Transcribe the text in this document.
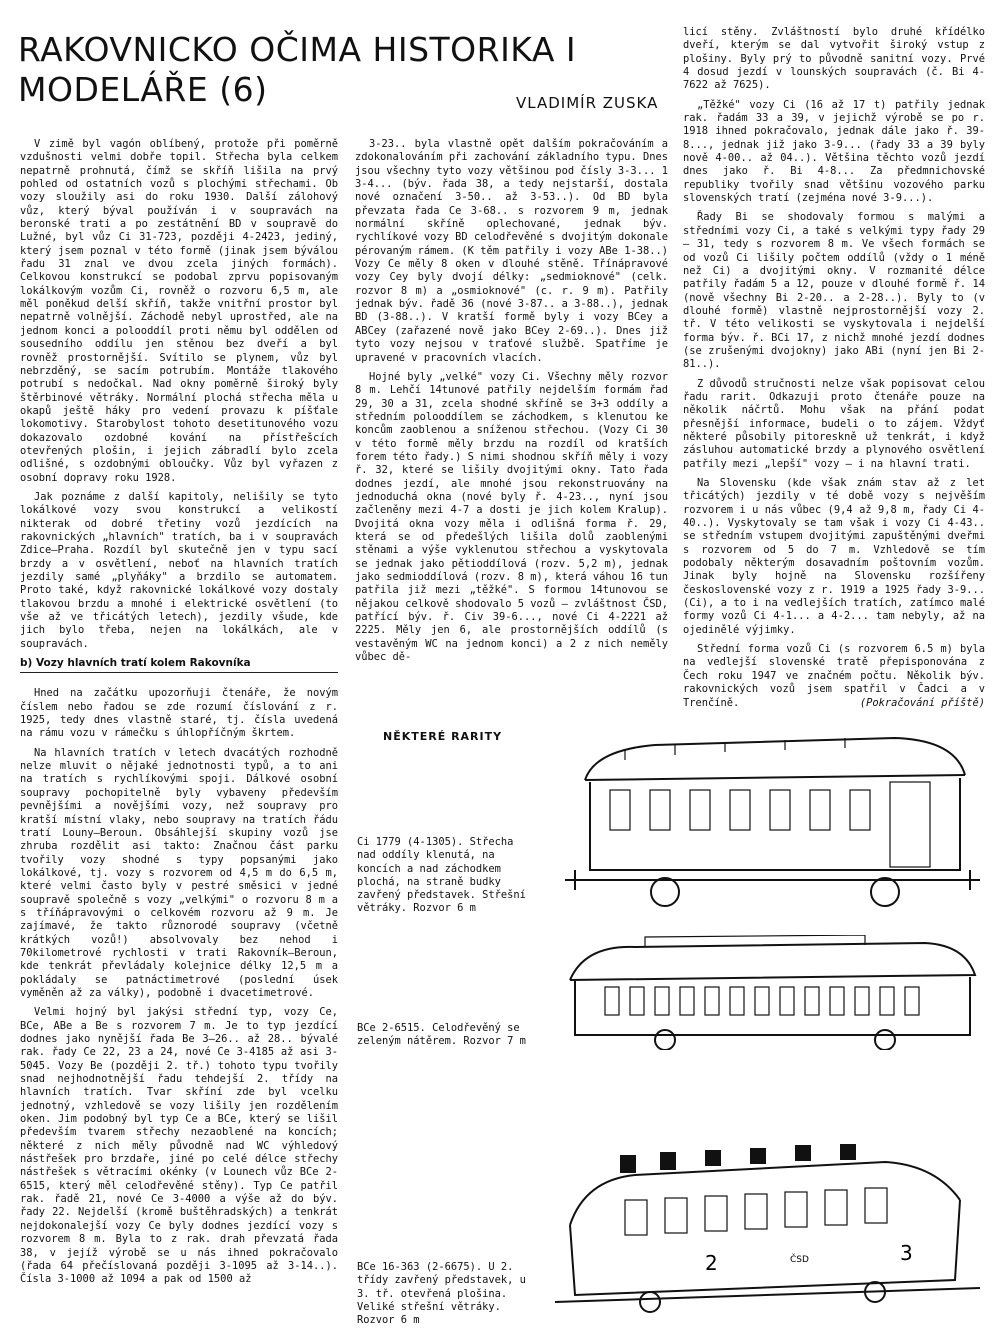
RAKOVNICKO OČIMA HISTORIKA I MODELÁŘE (6)	VLADIMÍR ZUSKA

V zimě byl vagón oblíbený, protože při poměrně vzdušnosti velmi dobře topil. Střecha byla celkem nepatrně prohnutá, čímž se skříň lišila na prvý pohled od ostatních vozů s plochými střechami. Ob vozy sloužily asi do roku 1930. Další zálohový vůz, který býval používán i v soupravách na beronské trati a po zestátnění BD v soupravě do Lužné, byl vůz Ci 31-723, později 4-2423, jediný, který jsem poznal v této formě (jinak jsem býválou řadu 31 znal ve dvou zcela jiných formách). Celkovou konstrukcí se podobal zprvu popisovaným lokálkovým vozům Ci, rovněž o rozvoru 6,5 m, ale měl poněkud delší skříň, takže vnitřní prostor byl nepatrně volnější. Záchodě nebyl uprostřed, ale na jednom konci a polooddíl proti němu byl oddělen od sousedního oddílu jen stěnou bez dveří a byl rovněž prostornější. Svítilo se plynem, vůz byl nebrzděný, se sacím potrubím. Montáže tlakového potrubí s nedočkal. Nad okny poměrně široký byly štěrbinové větráky. Normální plochá střecha měla u okapů ještě háky pro vedení provazu k píšťale lokomotivy. Starobylost tohoto desetitunového vozu dokazovalo ozdobné kování na přístřešcích otevřených plošin, i jejich zábradlí bylo zcela odlišné, s ozdobnými obloučky. Vůz byl vyřazen z osobní dopravy roku 1928.

Jak poznáme z další kapitoly, nelišily se tyto lokálkové vozy svou konstrukcí a velikostí nikterak od dobré třetiny vozů jezdících na rakovnických „hlavních" tratích, ba i v soupravách Zdice—Praha. Rozdíl byl skutečně jen v typu sací brzdy a v osvětlení, neboť na hlavních tratích jezdily samé „plyňáky" a brzdilo se automatem. Proto také, když rakovnické lokálkové vozy dostaly tlakovou brzdu a mnohé i elektrické osvětlení (to vše až ve třicátých letech), jezdily všude, kde jich bylo třeba, nejen na lokálkách, ale v soupravách.

b) Vozy hlavních tratí kolem Rakovníka

Hned na začátku upozorňuji čtenáře, že novým číslem nebo řadou se zde rozumí číslování z r. 1925, tedy dnes vlastně staré, tj. čísla uvedená na rámu vozu v rámečku s úhlopříčným škrtem.

Na hlavních tratích v letech dvacátých rozhodně nelze mluvit o nějaké jednotnosti typů, a to ani na tratích s rychlíkovými spoji. Dálkové osobní soupravy pochopitelně byly vybaveny především pevnějšími a novějšími vozy, než soupravy pro kratší místní vlaky, nebo soupravy na tratích řádu tratí Louny—Beroun. Obsáhlejší skupiny vozů jse zhruba rozdělit asi takto: Značnou část parku tvořily vozy shodné s typy popsanými jako lokálkové, tj. vozy s rozvorem od 4,5 m do 6,5 m, které velmi často byly v pestré směsici v jedné soupravě společně s vozy „velkými" o rozvoru 8 m a s tříňápravovými o celkovém rozvoru až 9 m. Je zajímavé, že takto různorodé soupravy (včetně krátkých vozů!) absolvovaly bez nehod i 70kilometrové rychlosti v trati Rakovník—Beroun, kde tenkrát převládaly kolejnice délky 12,5 m a pokládaly se patnáctimetrové (poslední úsek vyměněn až za války), podobně i dvacetimetrové.

Velmi hojný byl jakýsi střední typ, vozy Ce, BCe, ABe a Be s rozvorem 7 m. Je to typ jezdící dodnes jako nynější řada Be 3—26.. až 28.. bývalé rak. řady Ce 22, 23 a 24, nové Ce 3-4185 až asi 3-5045. Vozy Be (později 2. tř.) tohoto typu tvořily snad nejhodnotnější řadu tehdejší 2. třídy na hlavních tratích. Tvar skříní zde byl vcelku jednotný, vzhledově se vozy lišily jen rozdělením oken. Jim podobný byl typ Ce a BCe, který se lišil především tvarem střechy nezaoblené na koncích; některé z nich měly původně nad WC výhledový nástřešek pro brzdaře, jiné po celé délce střechy nástřešek s větracími okénky (v Lounech vůz BCe 2-6515, který měl celodřevěné stěny). Typ Ce patřil rak. řadě 21, nové Ce 3-4000 a výše až do býv. řady 22. Nejdelší (kromě buštěhradských) a tenkrát nejdokonalejší vozy Ce byly dodnes jezdící vozy s rozvorem 8 m. Byla to z rak. drah převzatá řada 38, v jejíž výrobě se u nás ihned pokračovalo (řada 64 přečíslovaná později 3-1095 až 3-14..). Čísla 3-1000 až 1094 a pak od 1500 až

3-23.. byla vlastně opět dalším pokračováním a zdokonalováním při zachování základního typu. Dnes jsou všechny tyto vozy většinou pod čísly 3-3... 1 3-4... (býv. řada 38, a tedy nejstarší, dostala nové označení 3-50.. až 3-53..). Od BD byla převzata řada Ce 3-68.. s rozvorem 9 m, jednak normální skříně oplechované, jednak býv. rychlíkové vozy BD celodřevěné s dvojitým dokonale pérovaným rámem. (K těm patřily i vozy ABe 1-38..) Vozy Ce měly 8 oken v dlouhé stěně. Třínápravové vozy Cey byly dvojí délky: „sedmioknové" (celk. rozvor 8 m) a „osmioknové" (c. r. 9 m). Patřily jednak býv. řadě 36 (nové 3-87.. a 3-88..), jednak BD (3-88..). V kratší formě byly i vozy BCey a ABCey (zařazené nově jako BCey 2-69..). Dnes již tyto vozy nejsou v traťové službě. Spatříme je upravené v pracovních vlacích.

Hojné byly „velké" vozy Ci. Všechny měly rozvor 8 m. Lehčí 14tunové patřily nejdelším formám řad 29, 30 a 31, zcela shodné skříně se 3+3 oddíly a středním polooddílem se záchodkem, s klenutou ke koncům zaoblenou a sníženou střechou. (Vozy Ci 30 v této formě měly brzdu na rozdíl od kratších forem této řady.) S nimi shodnou skříň měly i vozy ř. 32, které se lišily dvojitými okny. Tato řada dodnes jezdí, ale mnohé jsou rekonstruovány na jednoduchá okna (nové byly ř. 4-23.., nyní jsou začleněny mezi 4-7 a dosti je jich kolem Kralup). Dvojitá okna vozy měla i odlišná forma ř. 29, která se od předešlých lišila dolů zaoblenými stěnami a výše vyklenutou střechou a vyskytovala se jednak jako pětioddílová (rozv. 5,2 m), jednak jako sedmioddílová (rozv. 8 m), která váhou 16 tun patřila již mezi „těžké". S formou 14tunovou se nějakou celkově shodovalo 5 vozů — zvláštnost ČSD, patřící býv. ř. Civ 39-6..., nové Ci 4-2221 až 2225. Měly jen 6, ale prostornějších oddílů (s vestavěným WC na jednom konci) a 2 z nich neměly vůbec dě-

licí stěny. Zvláštností bylo druhé křídélko dveří, kterým se dal vytvořit široký vstup z plošiny. Byly prý to původně sanitní vozy. Prvé 4 dosud jezdí v lounských soupravách (č. Bi 4-7622 až 7625).

„Těžké" vozy Ci (16 až 17 t) patřily jednak rak. řadám 33 a 39, v jejichž výrobě se po r. 1918 ihned pokračovalo, jednak dále jako ř. 39-8..., jednak již jako 3-9... (řady 33 a 39 byly nově 4-00.. až 04..). Většina těchto vozů jezdí dnes jako ř. Bi 4-8... Za předmnichovské republiky tvořily snad většinu vozového parku slovenských tratí (zejména nové 3-9...).

Řady Bi se shodovaly formou s malými a středními vozy Ci, a také s velkými typy řady 29 — 31, tedy s rozvorem 8 m. Ve všech formách se od vozů Ci lišily počtem oddílů (vždy o 1 méně než Ci) a dvojitými okny. V rozmanité délce patřily řadám 5 a 12, pouze v dlouhé formě ř. 14 (nově všechny Bi 2-20.. a 2-28..). Byly to (v dlouhé formě) vlastně nejprostornější vozy 2. tř. V této velikosti se vyskytovala i nejdelší forma býv. ř. BCi 17, z nichž mnohé jezdí dodnes (se zrušenými dvojokny) jako ABi (nyní jen Bi 2-81..).

Z důvodů stručnosti nelze však popisovat celou řadu rarit. Odkazuji proto čtenáře pouze na několik náčrtů. Mohu však na přání podat přesnější informace, budeli o to zájem. Vždyť některé působily pitoreskně už tenkrát, i když zásluhou automatické brzdy a plynového osvětlení patřily mezi „lepší" vozy — i na hlavní trati.

Na Slovensku (kde však znám stav až z let třicátých) jezdily v té době vozy s nejvěším rozvorem i u nás vůbec (9,4 až 9,8 m, řady Ci 4-40..). Vyskytovaly se tam však i vozy Ci 4-43.. se středním vstupem dvojitými zapuštěnými dveřmi s rozvorem od 5 do 7 m. Vzhledově se tím podobaly některým dosavadním poštovním vozům. Jinak byly hojně na Slovensku rozšířeny československé vozy z r. 1919 a 1925 řady 3-9... (Ci), a to i na vedlejších tratích, zatímco malé formy vozů Ci 4-1... a 4-2... tam nebyly, až na ojedinělé výjimky.

Střední forma vozů Ci (s rozvorem 6.5 m) byla na vedlejší slovenské tratě přepisponována z Čech roku 1947 ve značném počtu. Několik býv. rakovnických vozů jsem spatřil v Čadci a v Trenčíně.	(Pokračování příště)

NĚKTERÉ RARITY
2	3
ČSD
Ci 1779 (4-1305). Střecha nad oddíly klenutá, na koncích a nad záchodkem plochá, na straně budky zavřený představek. Střešní větráky. Rozvor 6 m
BCe 2-6515. Celodřevěný se zeleným nátěrem. Rozvor 7 m
BCe 16-363 (2-6675). U 2. třídy zavřený představek, u 3. tř. otevřená plošina. Veliké střešní větráky. Rozvor 6 m
